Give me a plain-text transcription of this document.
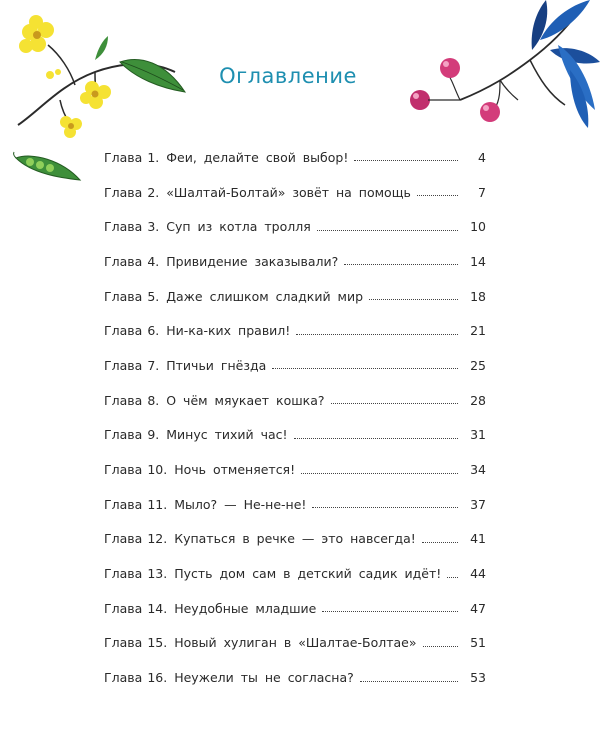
Оглавление
Глава 1. Феи, делайте свой выбор!	4
Глава 2. «Шалтай-Болтай» зовёт на помощь	7
Глава 3. Суп из котла тролля	10
Глава 4. Привидение заказывали?	14
Глава 5. Даже слишком сладкий мир	18
Глава 6. Ни-ка-ких правил!	21
Глава 7. Птичьи гнёзда	25
Глава 8. О чём мяукает кошка?	28
Глава 9. Минус тихий час!	31
Глава 10. Ночь отменяется!	34
Глава 11. Мыло? — Не-не-не!	37
Глава 12. Купаться в речке — это навсегда!	41
Глава 13. Пусть дом сам в детский садик идёт!	44
Глава 14. Неудобные младшие	47
Глава 15. Новый хулиган в «Шалтае-Болтае»	51
Глава 16. Неужели ты не согласна?	53
